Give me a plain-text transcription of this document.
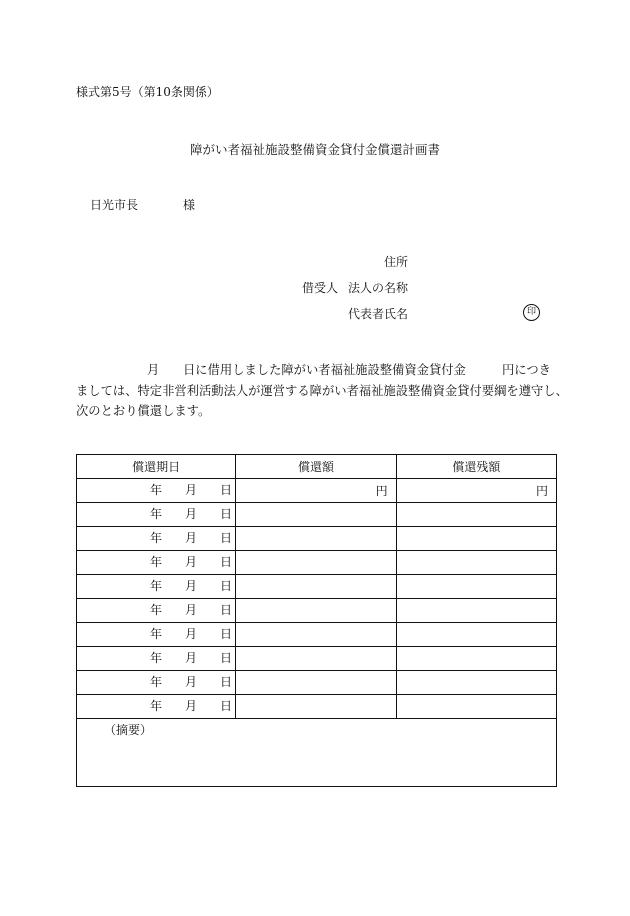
様式第5号（第10条関係）
障がい者福祉施設整備資金貸付金償還計画書
日光市長	様
住所
借受人 法人の名称
代表者氏名	印
月 日に借用しました障がい者福祉施設整備資金貸付金	円につき
ましては、特定非営利活動法人が運営する障がい者福祉施設整備資金貸付要綱を遵守し、
次のとおり償還します。
償還期日	償還額	償還残額

年 月 日	円	円

年 月 日		

年 月 日		

年 月 日		

年 月 日		

年 月 日		

年 月 日		

年 月 日		

年 月 日		

年 月 日		

（摘要）		
